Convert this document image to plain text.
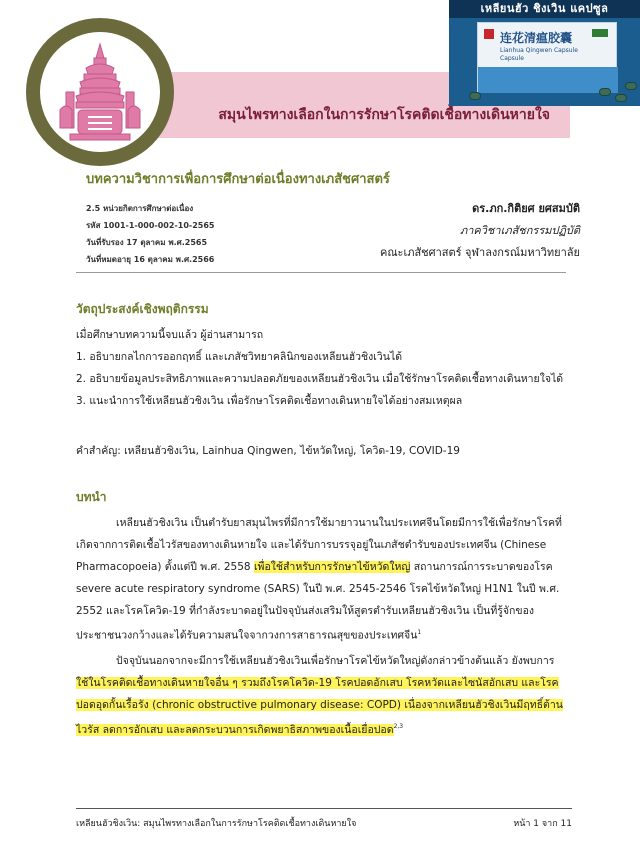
สมุนไพรทางเลือกในการรักษาโรคติดเชื้อทางเดินหายใจ
เหลียนฮัว ชิงเวิน แคปซูล
连花清瘟胶囊
Lianhua Qingwen Capsule
Capsule
บทความวิชาการเพื่อการศึกษาต่อเนื่องทางเภสัชศาสตร์
2.5 หน่วยกิตการศึกษาต่อเนื่อง
รหัส 1001-1-000-002-10-2565
วันที่รับรอง 17 ตุลาคม พ.ศ.2565
วันที่หมดอายุ 16 ตุลาคม พ.ศ.2566
ดร.ภก.กิติยศ ยศสมบัติ
ภาควิชาเภสัชกรรมปฏิบัติ
คณะเภสัชศาสตร์ จุฬาลงกรณ์มหาวิทยาลัย
วัตถุประสงค์เชิงพฤติกรรม
เมื่อศึกษาบทความนี้จบแล้ว ผู้อ่านสามารถ
1. อธิบายกลไกการออกฤทธิ์ และเภสัชวิทยาคลินิกของเหลียนฮัวชิงเวินได้
2. อธิบายข้อมูลประสิทธิภาพและความปลอดภัยของเหลียนฮัวชิงเวิน เมื่อใช้รักษาโรคติดเชื้อทางเดินหายใจได้
3. แนะนำการใช้เหลียนฮัวชิงเวิน เพื่อรักษาโรคติดเชื้อทางเดินหายใจได้อย่างสมเหตุผล
คำสำคัญ: เหลียนฮัวชิงเวิน, Lainhua Qingwen, ไข้หวัดใหญ่, โควิด-19, COVID-19
บทนำ
เหลียนฮัวชิงเวิน เป็นตำรับยาสมุนไพรที่มีการใช้มายาวนานในประเทศจีนโดยมีการใช้เพื่อรักษาโรคที่
เกิดจากการติดเชื้อไวรัสของทางเดินหายใจ และได้รับการบรรจุอยู่ในเภสัชตำรับของประเทศจีน (Chinese
Pharmacopoeia) ตั้งแต่ปี พ.ศ. 2558 เพื่อใช้สำหรับการรักษาไข้หวัดใหญ่ สถานการณ์การระบาดของโรค
severe acute respiratory syndrome (SARS) ในปี พ.ศ. 2545-2546 โรคไข้หวัดใหญ่ H1N1 ในปี พ.ศ.
2552 และโรคโควิด-19 ที่กำลังระบาดอยู่ในปัจจุบันส่งเสริมให้สูตรตำรับเหลียนฮัวชิงเวิน เป็นที่รู้จักของ
ประชาชนวงกว้างและได้รับความสนใจจากวงการสาธารณสุขของประเทศจีน$^1$
ปัจจุบันนอกจากจะมีการใช้เหลียนฮัวชิงเวินเพื่อรักษาโรคไข้หวัดใหญ่ดังกล่าวข้างต้นแล้ว ยังพบการ
ใช้ในโรคติดเชื้อทางเดินหายใจอื่น ๆ รวมถึงโรคโควิด-19 โรคปอดอักเสบ โรคหวัดและไซนัสอักเสบ และโรค
ปอดอุดกั้นเรื้อรัง (chronic obstructive pulmonary disease: COPD) เนื่องจากเหลียนฮัวชิงเวินมีฤทธิ์ต้าน
ไวรัส ลดการอักเสบ และลดกระบวนการเกิดพยาธิสภาพของเนื้อเยื่อปอด$^{2,3}$
เหลียนฮัวชิงเวิน: สมุนไพรทางเลือกในการรักษาโรคติดเชื้อทางเดินหายใจ	หน้า 1 จาก 11
